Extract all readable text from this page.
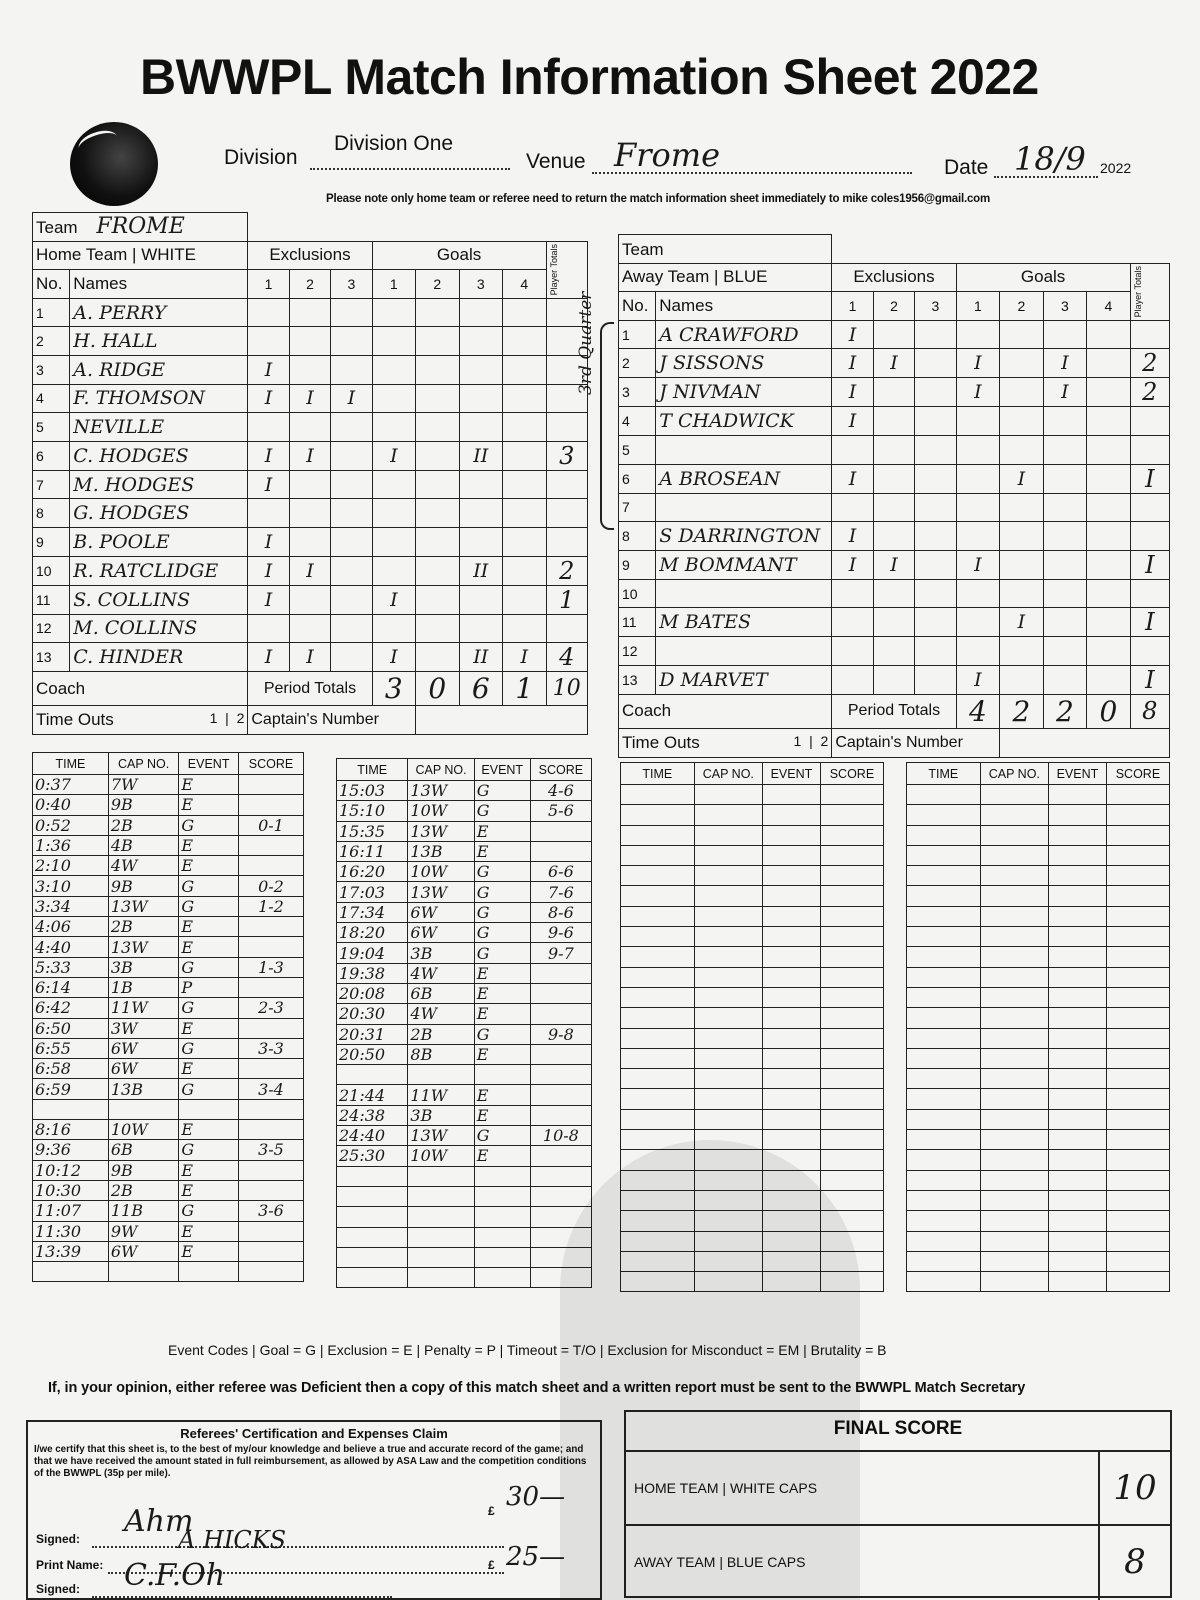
BWWPL Match Information Sheet 2022
Division
Division One
Venue Frome	Date 18/9 2022
Please note only home team or referee need to return the match information sheet immediately to mike coles1956@gmail.com
Team FROME									
Home Team | WHITE		Exclusions			Goals				Player Totals

No.	Names	1	2	3	1	2	3	4	
1	A. PERRY								
2	H. HALL								
3	A. RIDGE	I							
4	F. THOMSON	I	I	I					
5	NEVILLE								
6	C. HODGES	I	I		I		II		3
7	M. HODGES	I							
8	G. HODGES								
9	B. POOLE	I							
10	R. RATCLIDGE	I	I				II		2
11	S. COLLINS	I			I				1
12	M. COLLINS								
13	C. HINDER	I	I		I		II	I	4
Coach		Period Totals			3	0	6	1	10
Time Outs 1  |  2		Captain's Number							
3rd Quarter
Team									
Away Team | BLUE		Exclusions			Goals				Player Totals

No.	Names	1	2	3	1	2	3	4	
1	A CRAWFORD	I							
2	J SISSONS	I	I		I		I		2
3	J NIVMAN	I			I		I		2
4	T CHADWICK	I							
5									
6	A BROSEAN	I				I			I
7									
8	S DARRINGTON	I							
9	M BOMMANT	I	I		I				I
10									
11	M BATES					I			I
12									
13	D MARVET				I				I
Coach		Period Totals			4	2	2	0	8
Time Outs 1  |  2		Captain's Number							
TIME	CAP NO.	EVENT	SCORE
0:37	7W	E	
0:40	9B	E	
0:52	2B	G	0-1
1:36	4B	E	
2:10	4W	E	
3:10	9B	G	0-2
3:34	13W	G	1-2
4:06	2B	E	
4:40	13W	E	
5:33	3B	G	1-3
6:14	1B	P	
6:42	11W	G	2-3
6:50	3W	E	
6:55	6W	G	3-3
6:58	6W	E	
6:59	13B	G	3-4

8:16	10W	E	
9:36	6B	G	3-5
10:12	9B	E	
10:30	2B	E	
11:07	11B	G	3-6
11:30	9W	E	
13:39	6W	E	

TIME	CAP NO.	EVENT	SCORE
15:03	13W	G	4-6
15:10	10W	G	5-6
15:35	13W	E	
16:11	13B	E	
16:20	10W	G	6-6
17:03	13W	G	7-6
17:34	6W	G	8-6
18:20	6W	G	9-6
19:04	3B	G	9-7
19:38	4W	E	
20:08	6B	E	
20:30	4W	E	
20:31	2B	G	9-8
20:50	8B	E	

21:44	11W	E	
24:38	3B	E	
24:40	13W	G	10-8
25:30	10W	E	

TIME	CAP NO.	EVENT	SCORE

				TIME	CAP NO.	EVENT	SCORE

Event Codes | Goal = G | Exclusion = E | Penalty = P | Timeout = T/O | Exclusion for Misconduct = EM | Brutality = B
If, in your opinion, either referee was Deficient then a copy of this match sheet and a written report must be sent to the BWWPL Match Secretary
Referees' Certification and Expenses Claim
I/we certify that this sheet is, to the best of my/our knowledge and believe a true and accurate record of the game; and that we have received the amount stated in full reimbursement, as allowed by ASA Law and the competition conditions of the BWWPL (35p per mile).
Signed: Ahm	£ 30—
Print Name:
A HICKS
£ 25—
Signed: C.F.Oh
FINAL SCORE
HOME TEAM | WHITE CAPS	10
AWAY TEAM | BLUE CAPS	8
